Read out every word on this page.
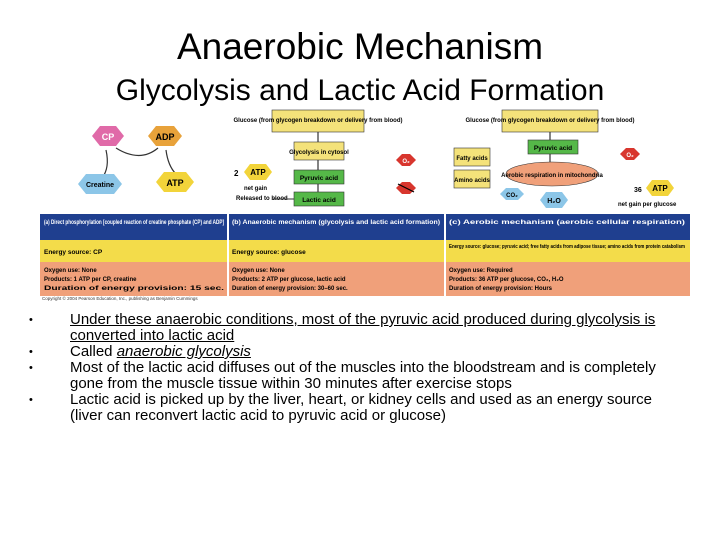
Anaerobic Mechanism
Glycolysis and Lactic Acid Formation
CP	ADP
Creatine	ATP
Glucose (from glycogen breakdown or delivery from blood)
Glycolysis in cytosol
2 ATP
net gain
Pyruvic acid
Lactic acid
Released to blood
O₂
Glucose (from glycogen breakdown or delivery from blood)
Pyruvic acid
Fatty acids
Amino acids
Aerobic respiration in mitochondria
O₂
CO₂
H₂O
36 ATP
net gain per glucose
(a) Direct phosphorylation [coupled reaction of creatine phosphate (CP) and ADP]
Energy source: CP
Oxygen use: None
Products: 1 ATP per CP, creatine
Duration of energy provision: 15 sec.
(b) Anaerobic mechanism (glycolysis and lactic acid formation)
Energy source: glucose
Oxygen use: None
Products: 2 ATP per glucose, lactic acid
Duration of energy provision: 30–60 sec.
(c) Aerobic mechanism (aerobic cellular respiration)
Energy source: glucose; pyruvic acid; free fatty acids from adipose tissue; amino acids from protein catabolism
Oxygen use: Required
Products: 36 ATP per glucose, CO₂, H₂O
Duration of energy provision: Hours
Copyright © 2004 Pearson Education, Inc., publishing as Benjamin Cummings
• Under these anaerobic conditions, most of the pyruvic acid produced during glycolysis is converted into lactic acid
• Called anaerobic glycolysis
• Most of the lactic acid diffuses out of the muscles into the bloodstream and is completely gone from the muscle tissue within 30 minutes after exercise stops
• Lactic acid is picked up by the liver, heart, or kidney cells and used as an energy source (liver can reconvert lactic acid to pyruvic acid or glucose)
